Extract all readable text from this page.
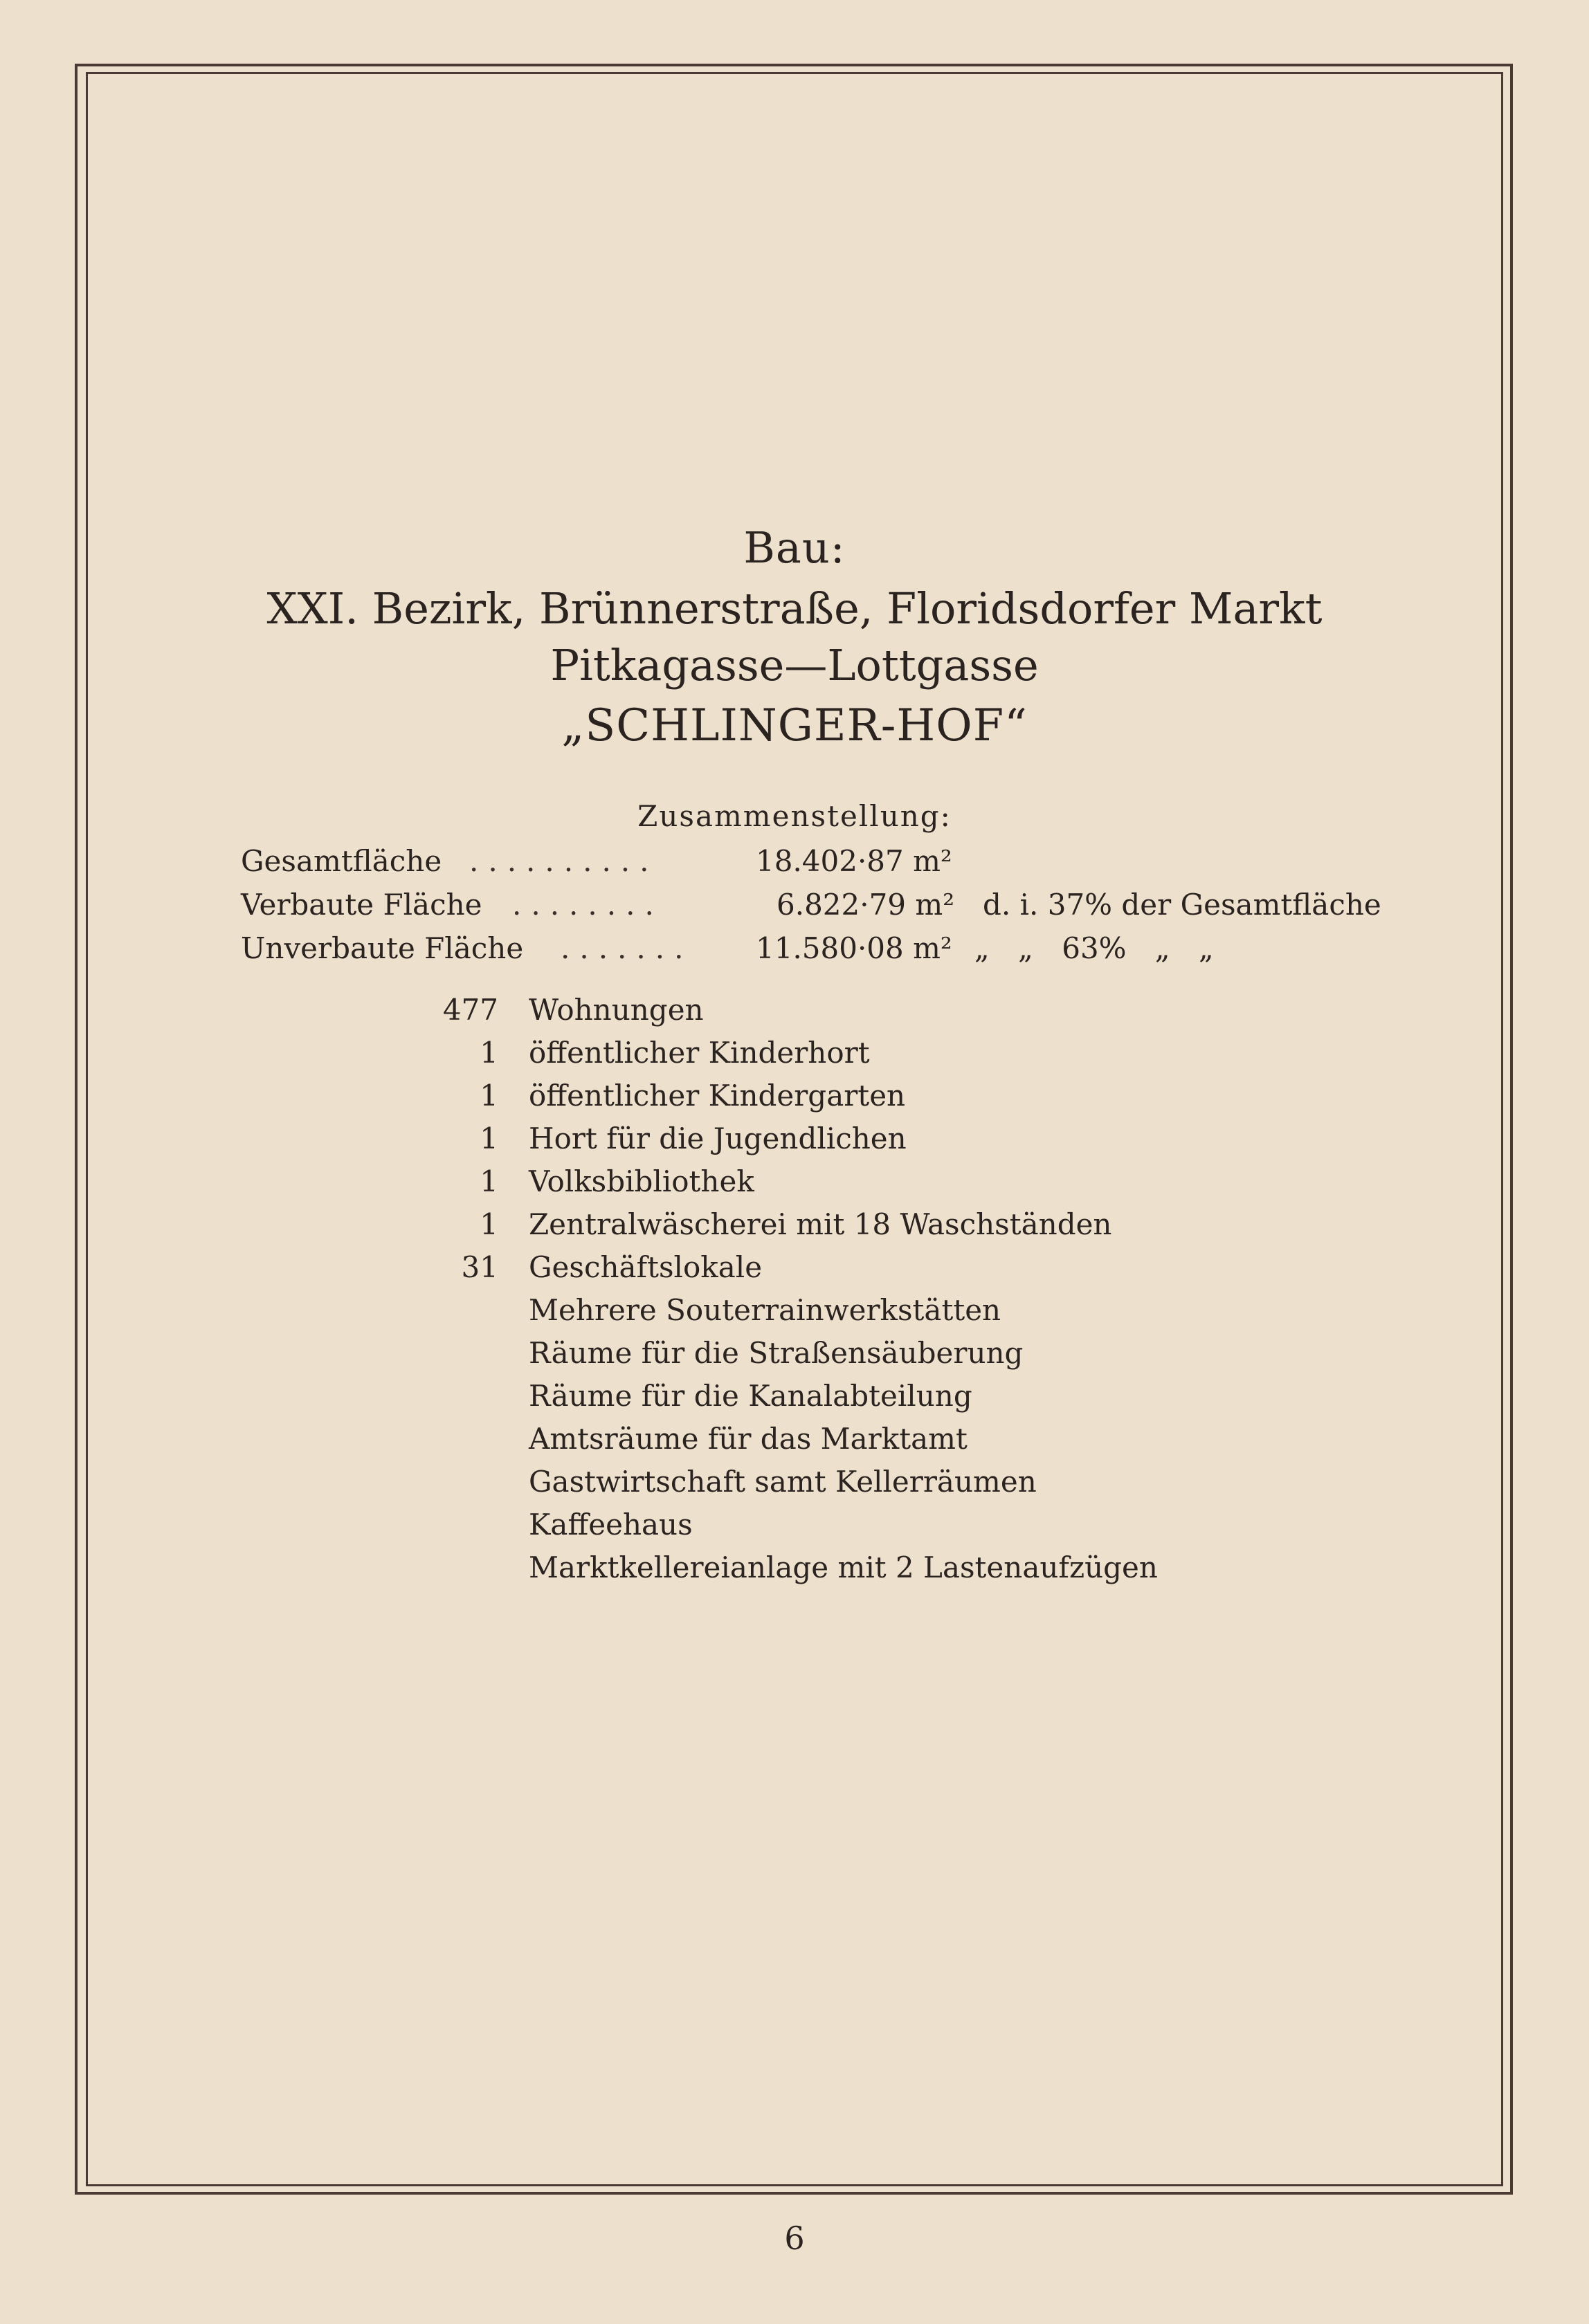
Bau:
XXI. Bezirk, Brünnerstraße, Floridsdorfer Markt
Pitkagasse—Lottgasse
„SCHLINGER-HOF“
Zusammenstellung:
Gesamtfläche ..........	18.402·87 m²
Verbaute Fläche ........	6.822·79 m² d. i. 37% der Gesamtfläche
Unverbaute Fläche ....... 11.580·08 m² „ „ 63% „ „
477 Wohnungen
1 öffentlicher Kinderhort
1 öffentlicher Kindergarten
1 Hort für die Jugendlichen
1 Volksbibliothek
1 Zentralwäscherei mit 18 Waschständen
31 Geschäftslokale
Mehrere Souterrainwerkstätten
Räume für die Straßensäuberung
Räume für die Kanalabteilung
Amtsräume für das Marktamt
Gastwirtschaft samt Kellerräumen
Kaffeehaus
Marktkellereianlage mit 2 Lastenaufzügen
6
